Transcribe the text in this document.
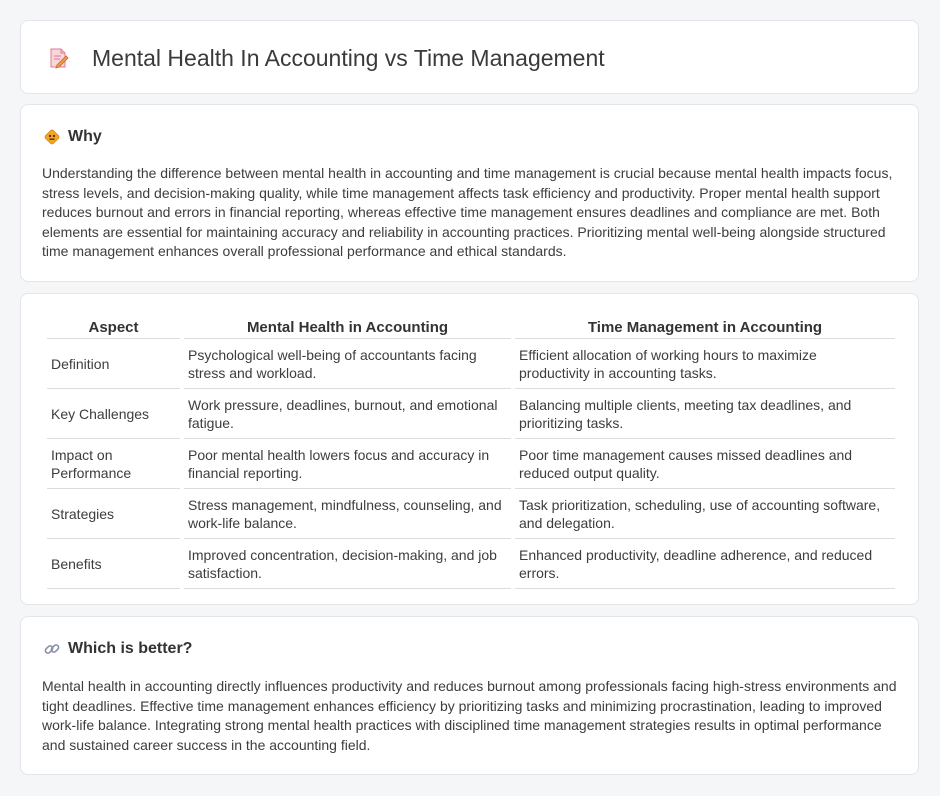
Mental Health In Accounting vs Time Management
Why

Understanding the difference between mental health in accounting and time management is crucial because mental health impacts focus, stress levels, and decision-making quality, while time management affects task efficiency and productivity. Proper mental health support reduces burnout and errors in financial reporting, whereas effective time management ensures deadlines and compliance are met. Both elements are essential for maintaining accuracy and reliability in accounting practices. Prioritizing mental well-being alongside structured time management enhances overall professional performance and ethical standards.

Aspect	Mental Health in Accounting	Time Management in Accounting
Definition	Psychological well-being of accountants facing stress and workload.	Efficient allocation of working hours to maximize productivity in accounting tasks.
Key Challenges	Work pressure, deadlines, burnout, and emotional fatigue.	Balancing multiple clients, meeting tax deadlines, and prioritizing tasks.
Impact on Performance	Poor mental health lowers focus and accuracy in financial reporting.	Poor time management causes missed deadlines and reduced output quality.
Strategies	Stress management, mindfulness, counseling, and work-life balance.	Task prioritization, scheduling, use of accounting software, and delegation.
Benefits	Improved concentration, decision-making, and job satisfaction.	Enhanced productivity, deadline adherence, and reduced errors.
Which is better?

Mental health in accounting directly influences productivity and reduces burnout among professionals facing high-stress environments and tight deadlines. Effective time management enhances efficiency by prioritizing tasks and minimizing procrastination, leading to improved work-life balance. Integrating strong mental health practices with disciplined time management strategies results in optimal performance and sustained career success in the accounting field.
